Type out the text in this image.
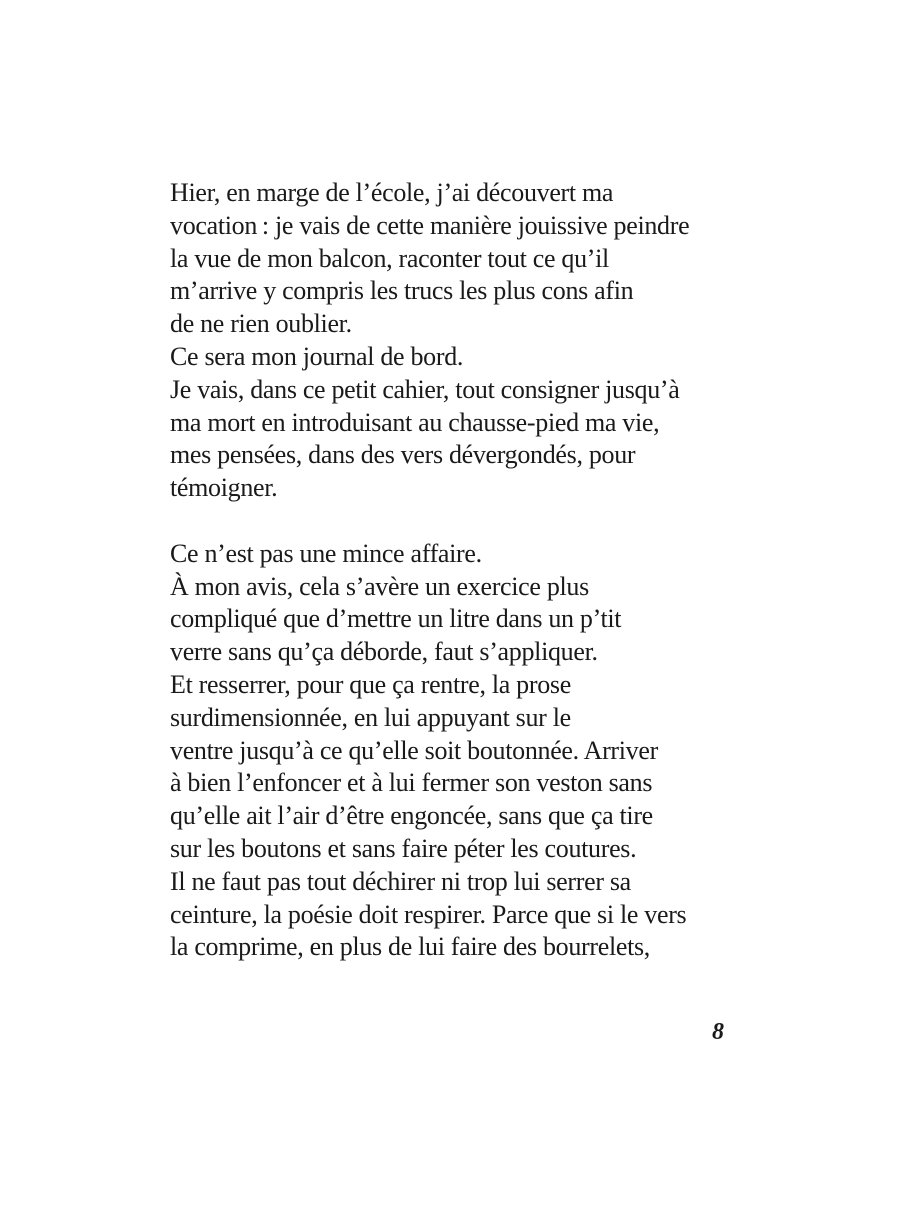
Hier, en marge de l’école, j’ai découvert ma
vocation : je vais de cette manière jouissive peindre
la vue de mon balcon, raconter tout ce qu’il
m’arrive y compris les trucs les plus cons afin
de ne rien oublier.
Ce sera mon journal de bord.
Je vais, dans ce petit cahier, tout consigner jusqu’à
ma mort en introduisant au chausse-pied ma vie,
mes pensées, dans des vers dévergondés, pour
témoigner.

Ce n’est pas une mince affaire.
À mon avis, cela s’avère un exercice plus
compliqué que d’mettre un litre dans un p’tit
verre sans qu’ça déborde, faut s’appliquer.
Et resserrer, pour que ça rentre, la prose
surdimensionnée, en lui appuyant sur le
ventre jusqu’à ce qu’elle soit boutonnée. Arriver
à bien l’enfoncer et à lui fermer son veston sans
qu’elle ait l’air d’être engoncée, sans que ça tire
sur les boutons et sans faire péter les coutures.
Il ne faut pas tout déchirer ni trop lui serrer sa
ceinture, la poésie doit respirer. Parce que si le vers
la comprime, en plus de lui faire des bourrelets,
8
